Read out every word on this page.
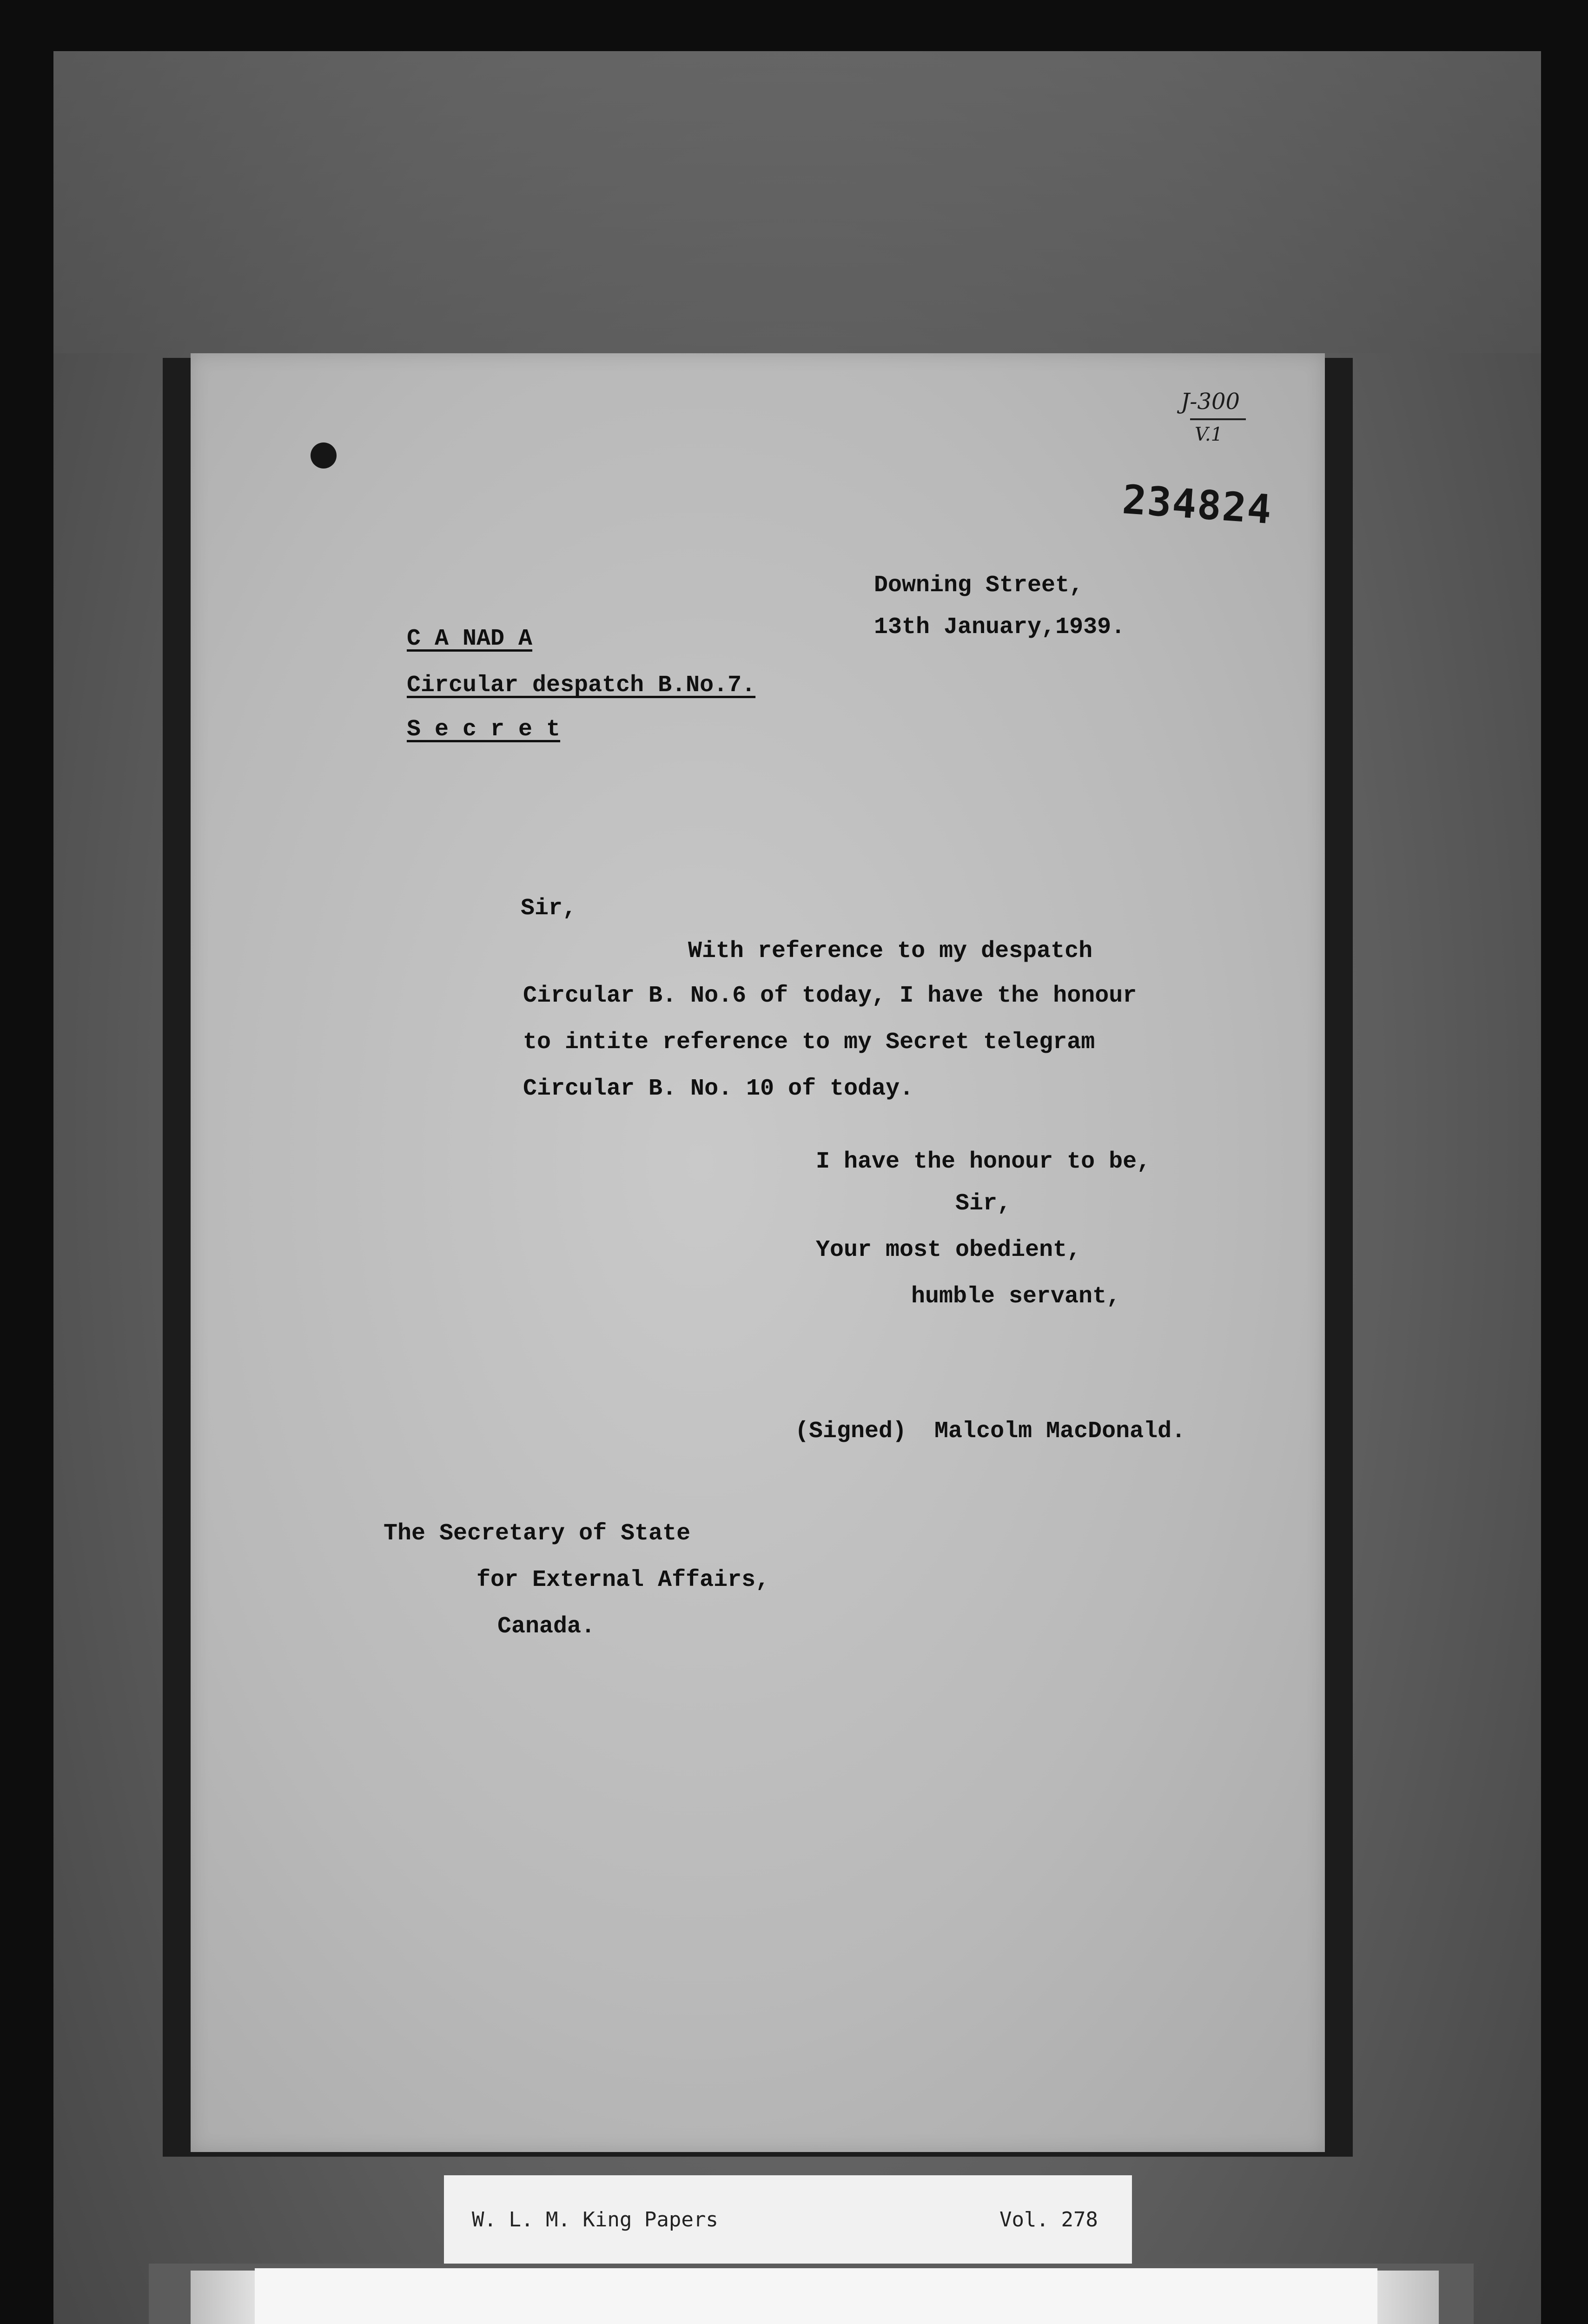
J-300
V.1
234824
Downing Street,
13th January,1939.
C A NAD A
Circular despatch B.No.7.
S e c r e t
Sir,
With reference to my despatch
Circular B. No.6 of today, I have the honour
to intite reference to my Secret telegram
Circular B. No. 10 of today.
I have the honour to be,
Sir,
Your most obedient,
humble servant,
(Signed)  Malcolm MacDonald.
The Secretary of State
for External Affairs,
Canada.
W. L. M. King Papers	Vol. 278
